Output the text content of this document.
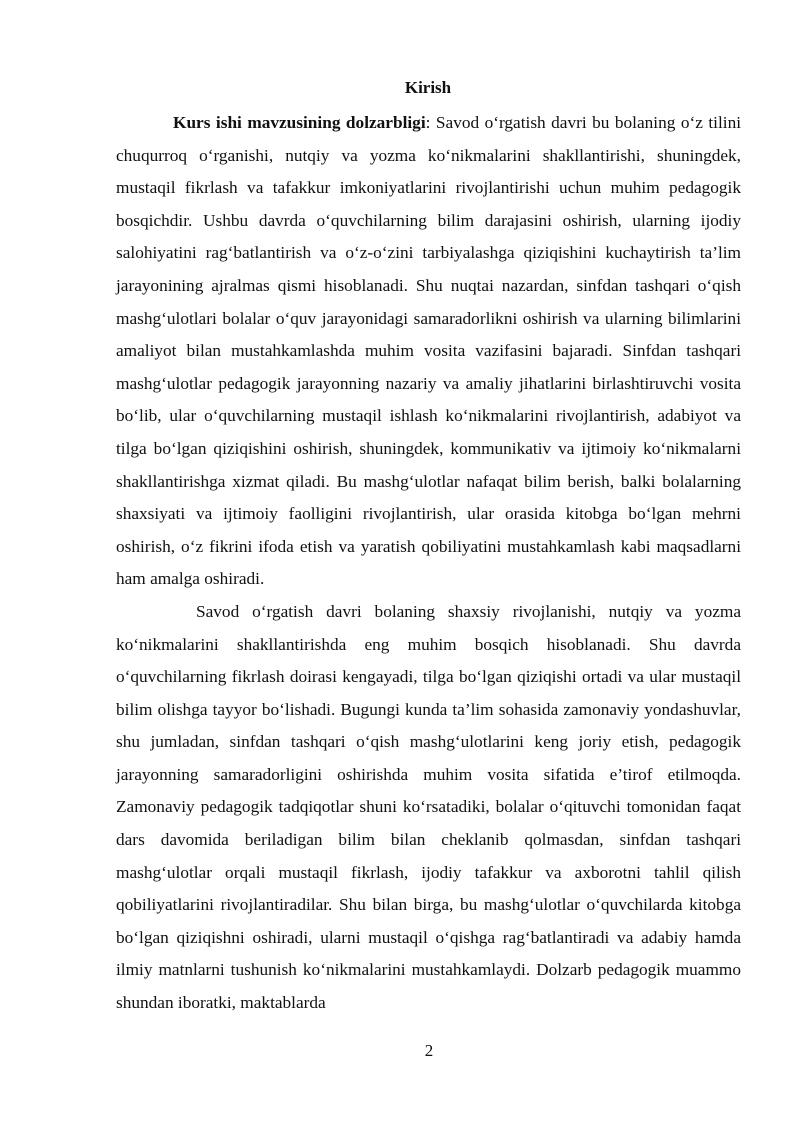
Kirish

Kurs ishi mavzusining dolzarbligi: Savod oʻrgatish davri bu bolaning oʻz tilini chuqurroq oʻrganishi, nutqiy va yozma koʻnikmalarini shakllantirishi, shuningdek, mustaqil fikrlash va tafakkur imkoniyatlarini rivojlantirishi uchun muhim pedagogik bosqichdir. Ushbu davrda oʻquvchilarning bilim darajasini oshirish, ularning ijodiy salohiyatini ragʻbatlantirish va oʻz-oʻzini tarbiyalashga qiziqishini kuchaytirish ta’lim jarayonining ajralmas qismi hisoblanadi. Shu nuqtai nazardan, sinfdan tashqari oʻqish mashgʻulotlari bolalar oʻquv jarayonidagi samaradorlikni oshirish va ularning bilimlarini amaliyot bilan mustahkamlashda muhim vosita vazifasini bajaradi. Sinfdan tashqari mashgʻulotlar pedagogik jarayonning nazariy va amaliy jihatlarini birlashtiruvchi vosita boʻlib, ular oʻquvchilarning mustaqil ishlash koʻnikmalarini rivojlantirish, adabiyot va tilga boʻlgan qiziqishini oshirish, shuningdek, kommunikativ va ijtimoiy koʻnikmalarni shakllantirishga xizmat qiladi. Bu mashgʻulotlar nafaqat bilim berish, balki bolalarning shaxsiyati va ijtimoiy faolligini rivojlantirish, ular orasida kitobga boʻlgan mehrni oshirish, oʻz fikrini ifoda etish va yaratish qobiliyatini mustahkamlash kabi maqsadlarni ham amalga oshiradi.

Savod oʻrgatish davri bolaning shaxsiy rivojlanishi, nutqiy va yozma koʻnikmalarini shakllantirishda eng muhim bosqich hisoblanadi. Shu davrda oʻquvchilarning fikrlash doirasi kengayadi, tilga boʻlgan qiziqishi ortadi va ular mustaqil bilim olishga tayyor boʻlishadi. Bugungi kunda ta’lim sohasida zamonaviy yondashuvlar, shu jumladan, sinfdan tashqari oʻqish mashgʻulotlarini keng joriy etish, pedagogik jarayonning samaradorligini oshirishda muhim vosita sifatida e’tirof etilmoqda. Zamonaviy pedagogik tadqiqotlar shuni koʻrsatadiki, bolalar oʻqituvchi tomonidan faqat dars davomida beriladigan bilim bilan cheklanib qolmasdan, sinfdan tashqari mashgʻulotlar orqali mustaqil fikrlash, ijodiy tafakkur va axborotni tahlil qilish qobiliyatlarini rivojlantiradilar. Shu bilan birga, bu mashgʻulotlar oʻquvchilarda kitobga boʻlgan qiziqishni oshiradi, ularni mustaqil oʻqishga ragʻbatlantiradi va adabiy hamda ilmiy matnlarni tushunish koʻnikmalarini mustahkamlaydi. Dolzarb pedagogik muammo shundan iboratki, maktablarda

2
